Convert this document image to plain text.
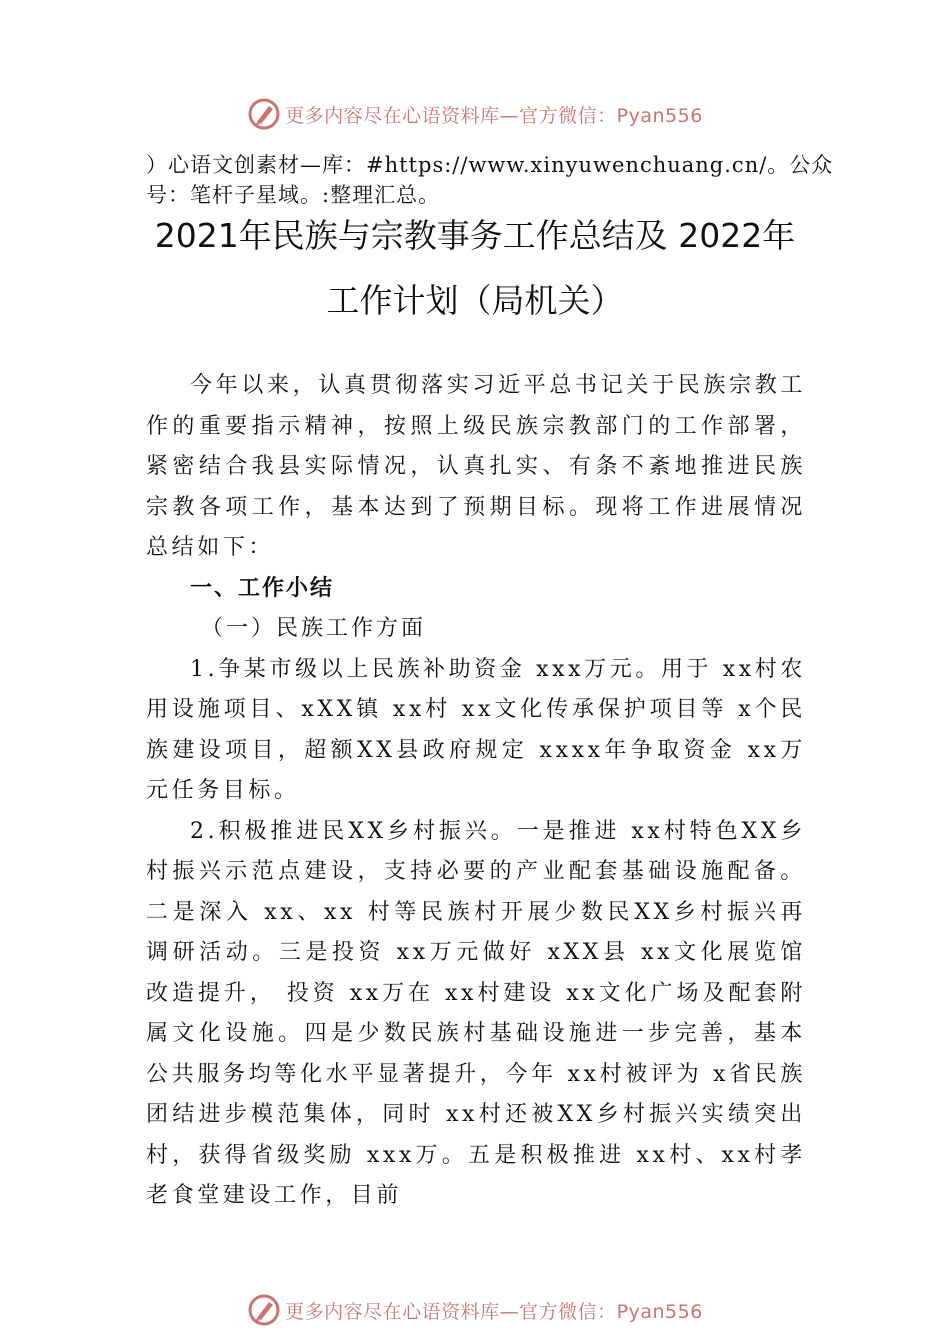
更多内容尽在心语资料库—官方微信：Pyan556
）心语文创素材—库：#https://www.xinyuwenchuang.cn/。公众号：笔杆子星域。:整理汇总。
2021年民族与宗教事务工作总结及 2022年
工作计划（局机关）

今年以来，认真贯彻落实习近平总书记关于民族宗教工作的重要指示精神，按照上级民族宗教部门的工作部署，紧密结合我县实际情况，认真扎实、有条不紊地推进民族宗教各项工作，基本达到了预期目标。现将工作进展情况总结如下：

一、工作小结
（一）民族工作方面

1.争某市级以上民族补助资金 xxx万元。用于 xx村农用设施项目、xXX镇 xx村 xx文化传承保护项目等 x个民族建设项目，超额XX县政府规定 xxxx年争取资金 xx万元任务目标。

2.积极推进民XX乡村振兴。一是推进 xx村特色XX乡村振兴示范点建设，支持必要的产业配套基础设施配备。二是深入 xx、xx 村等民族村开展少数民XX乡村振兴再调研活动。三是投资 xx万元做好 xXX县 xx文化展览馆改造提升， 投资 xx万在 xx村建设 xx文化广场及配套附属文化设施。四是少数民族村基础设施进一步完善，基本公共服务均等化水平显著提升，今年 xx村被评为 x省民族团结进步模范集体，同时 xx村还被XX乡村振兴实绩突出村，获得省级奖励 xxx万。五是积极推进 xx村、xx村孝老食堂建设工作，目前

更多内容尽在心语资料库—官方微信：Pyan556
